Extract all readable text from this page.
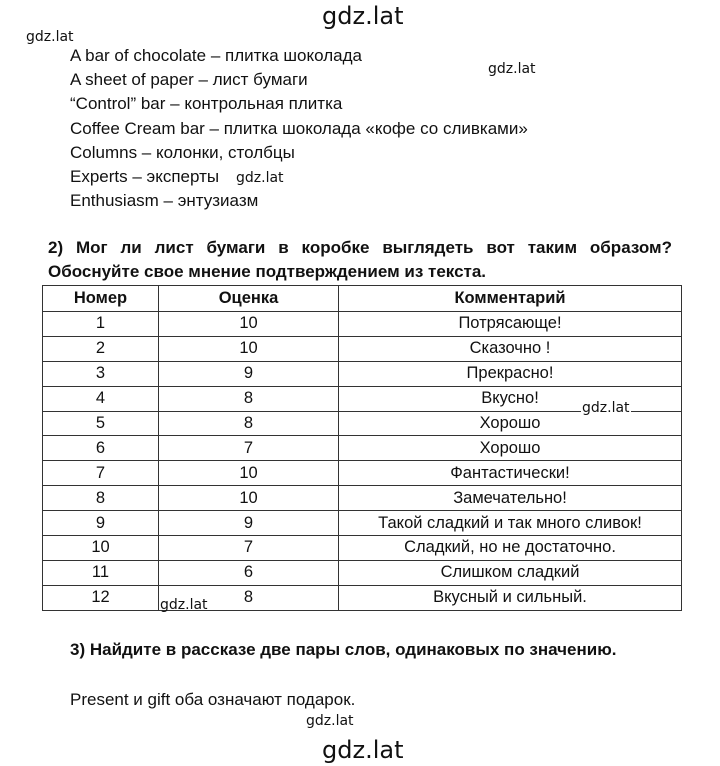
gdz.lat
gdz.lat
gdz.lat
A bar of chocolate – плитка шоколада
A sheet of paper – лист бумаги
“Control” bar – контрольная плитка
Coffee Cream bar – плитка шоколада «кофе со сливками»
Columns – колонки, столбцы
Experts – эксперты
Enthusiasm – энтузиазм
gdz.lat
2) Мог ли лист бумаги в коробке выглядеть вот таким образом? Обоснуйте свое мнение подтверждением из текста.
Номер	Оценка	Комментарий
1	10	Потрясающе!
2	10	Сказочно !
3	9	Прекрасно!
4	8	Вкусно!
5	8	Хорошо
6	7	Хорошо
7	10	Фантастически!
8	10	Замечательно!
9	9	Такой сладкий и так много сливок!
10	7	Сладкий, но не достаточно.
11	6	Слишком сладкий
12	8	Вкусный и сильный.
gdz.lat
gdz.lat
3) Найдите в рассказе две пары слов, одинаковых по значению.
Present и gift оба означают подарок.
gdz.lat
gdz.lat
